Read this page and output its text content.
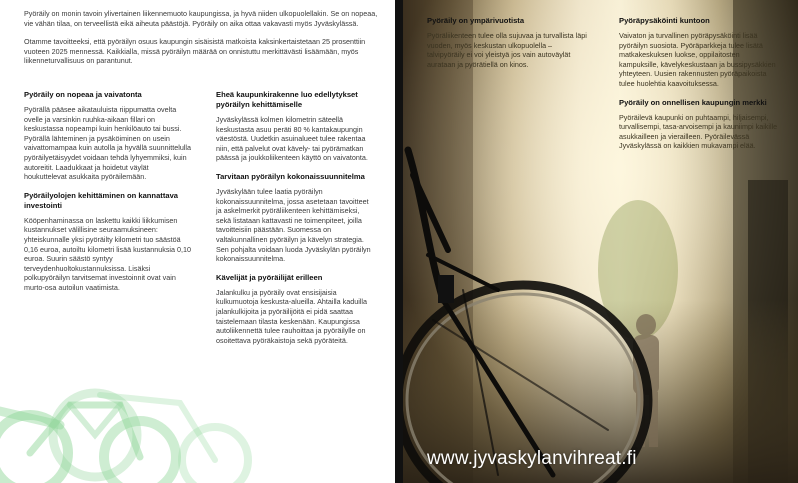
Pyöräily on monin tavoin ylivertainen liikennemuoto kaupungissa, ja hyvä niiden ulkopuolellakin. Se on nopeaa, vie vähän tilaa, on terveellistä eikä aiheuta päästöjä. Pyöräily on aika ottaa vakavasti myös Jyväskylässä.

Otamme tavoitteeksi, että pyöräilyn osuus kaupungin sisäisistä matkoista kaksinkertaistetaan 25 prosenttiin vuoteen 2025 mennessä. Kaikkialla, missä pyöräilyn määrää on onnistuttu merkittävästi lisäämään, myös liikenneturvallisuus on parantunut.

Pyöräily on nopeaa ja vaivatonta

Pyörällä pääsee aikatauluista riippumatta ovelta ovelle ja varsinkin ruuhka-aikaan fillari on keskustassa nopeampi kuin henkilöauto tai bussi. Pyörällä lähteminen ja pysäköiminen on usein vaivattomampaa kuin autolla ja hyvällä suunnittelulla pyöräilyetäisyydet voidaan tehdä lyhyemmiksi, kuin autoreitit. Laadukkaat ja hoidetut väylät houkuttelevat asukkaita pyöräilemään.

Pyöräilyolojen kehittäminen on kannattava investointi

Kööpenhaminassa on laskettu kaikki liikkumisen kustannukset välillisine seuraamuksineen: yhteiskunnalle yksi pyöräilty kilometri tuo säästöä 0,16 euroa, autoiltu kilometri lisää kustannuksia 0,10 euroa. Suurin säästö syntyy terveydenhuoltokustannuksissa. Lisäksi polkupyöräilyn tarvitsemat investoinnit ovat vain murto-osa autoilun vaatimista.

Eheä kaupunkirakenne luo edellytykset pyöräilyn kehittämiselle

Jyväskylässä kolmen kilometrin säteellä keskustasta asuu peräti 80 % kantakaupungin väestöstä. Uudetkin asuinalueet tulee rakentaa niin, että palvelut ovat kävely- tai pyörämatkan päässä ja joukkoliikenteen käyttö on vaivatonta.

Tarvitaan pyöräilyn kokonaissuunnitelma

Jyväskylään tulee laatia pyöräilyn kokonaissuunnitelma, jossa asetetaan tavoitteet ja askelmerkit pyöräliikenteen kehittämiseksi, sekä listataan kattavasti ne toimenpiteet, joilla tavoitteisiin päästään. Suomessa on valtakunnallinen pyöräilyn ja kävelyn strategia. Sen pohjalta voidaan luoda Jyväskylän pyöräilyn kokonaissuunnitelma.

Kävelijät ja pyöräilijät erilleen

Jalankulku ja pyöräily ovat ensisijaisia kulkumuotoja keskusta-alueilla. Ahtailla kaduilla jalankulkijoita ja pyöräilijöitä ei pidä saattaa taistelemaan tilasta keskenään. Kaupungissa autoliikennettä tulee rauhoittaa ja pyöräilylle on osoitettava pyöräkaistoja sekä pyöräteitä.

Pyöräily on ympärivuotista

Pyöräliikenteen tulee olla sujuvaa ja turvallista läpi vuoden, myös keskustan ulkopuolella – talvipyöräily ei voi yleistyä jos vain autoväylät aurataan ja pyörätiellä on kinos.

Pyöräpysäköinti kuntoon

Vaivaton ja turvallinen pyöräpysäköinti lisää pyöräilyn suosiota. Pyöräparkkeja tulee lisätä matkakeskuksen luokse, oppilaitosten kampuksille, kävelykeskustaan ja bussipysäkkien yhteyteen. Uusien rakennusten pyöräpaikoista tulee huolehtia kaavoituksessa.

Pyöräily on onnellisen kaupungin merkki

Pyöräilevä kaupunki on puhtaampi, hiljaisempi, turvallisempi, tasa-arvoisempi ja kauniimpi kaikille asukkailleen ja vierailleen. Pyöräilevässä Jyväskylässä on kaikkien mukavampi elää.

www.jyvaskylanvihreat.fi
